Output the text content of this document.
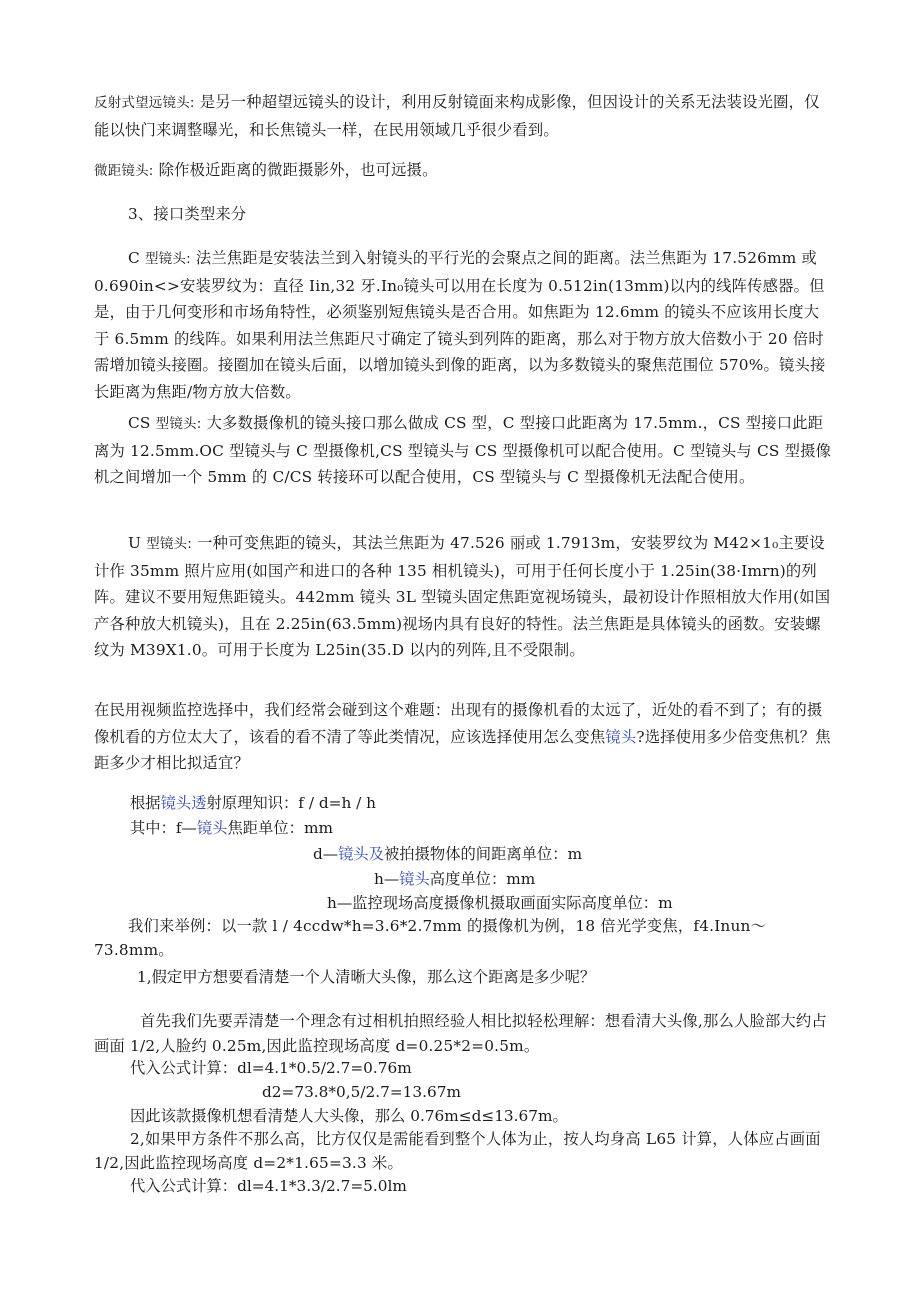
反射式望远镜头: 是另一种超望远镜头的设计，利用反射镜面来构成影像，但因设计的关系无法装设光圈，仅能以快门来调整曝光，和长焦镜头一样，在民用领域几乎很少看到。

微距镜头: 除作极近距离的微距摄影外，也可远摄。

3、接口类型来分

C 型镜头: 法兰焦距是安装法兰到入射镜头的平行光的会聚点之间的距离。法兰焦距为 17.526mm 或 0.690in<>安装罗纹为：直径 Iin,32 牙.In₀镜头可以用在长度为 0.512in(13mm)以内的线阵传感器。但是，由于几何变形和市场角特性，必须鉴别短焦镜头是否合用。如焦距为 12.6mm 的镜头不应该用长度大于 6.5mm 的线阵。如果利用法兰焦距尺寸确定了镜头到列阵的距离，那么对于物方放大倍数小于 20 倍时需增加镜头接圈。接圈加在镜头后面，以增加镜头到像的距离，以为多数镜头的聚焦范围位 570%。镜头接长距离为焦距/物方放大倍数。

CS 型镜头: 大多数摄像机的镜头接口那么做成 CS 型，C 型接口此距离为 17.5mm.，CS 型接口此距离为 12.5mm.OC 型镜头与 C 型摄像机,CS 型镜头与 CS 型摄像机可以配合使用。C 型镜头与 CS 型摄像机之间增加一个 5mm 的 C/CS 转接环可以配合使用，CS 型镜头与 C 型摄像机无法配合使用。

U 型镜头: 一种可变焦距的镜头，其法兰焦距为 47.526 丽或 1.7913m，安装罗纹为 M42×1₀主要设计作 35mm 照片应用(如国产和进口的各种 135 相机镜头)，可用于任何长度小于 1.25in(38·Imrn)的列阵。建议不要用短焦距镜头。442mm 镜头 3L 型镜头固定焦距宽视场镜头，最初设计作照相放大作用(如国产各种放大机镜头)，且在 2.25in(63.5mm)视场内具有良好的特性。法兰焦距是具体镜头的函数。安装螺纹为 M39X1.0。可用于长度为 L25in(35.D 以内的列阵,且不受限制。

在民用视频监控选择中，我们经常会碰到这个难题：出现有的摄像机看的太远了，近处的看不到了；有的摄像机看的方位太大了，该看的看不清了等此类情况，应该选择使用怎么变焦镜头?选择使用多少倍变焦机？焦距多少才相比拟适宜？

根据镜头透射原理知识：f / d=h / h

其中：f—镜头焦距单位：mm

d—镜头及被拍摄物体的间距离单位：m

h—镜头高度单位：mm

h—监控现场高度摄像机摄取画面实际高度单位：m

我们来举例：以一款 l / 4ccdw*h=3.6*2.7mm 的摄像机为例，18 倍光学变焦，f4.Inun～73.8mm。

1,假定甲方想要看清楚一个人清晰大头像，那么这个距离是多少呢？

首先我们先要弄清楚一个理念有过相机拍照经验人相比拟轻松理解：想看清大头像,那么人脸部大约占画面 1/2,人脸约 0.25m,因此监控现场高度 d=0.25*2=0.5m。

代入公式计算：dl=4.1*0.5/2.7=0.76m

d2=73.8*0,5/2.7=13.67m

因此该款摄像机想看清楚人大头像，那么 0.76m≤d≤13.67m。

2,如果甲方条件不那么高，比方仅仅是需能看到整个人体为止，按人均身高 L65 计算，人体应占画面 1/2,因此监控现场高度 d=2*1.65=3.3 米。

代入公式计算：dl=4.1*3.3/2.7=5.0lm
